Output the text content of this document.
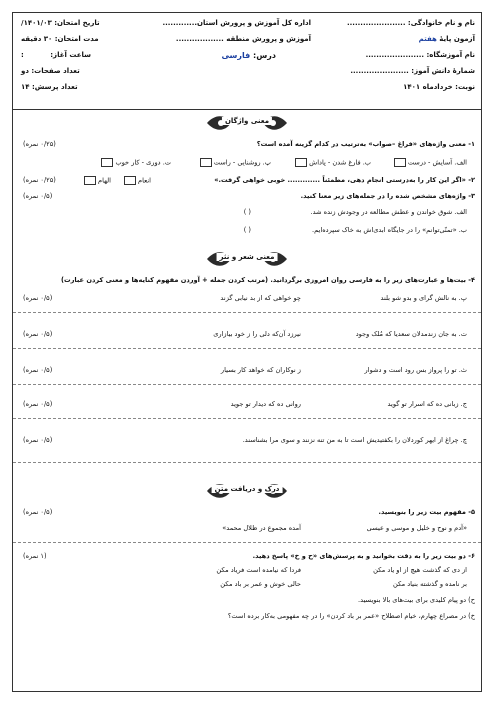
نام و نام خانوادگی: ......................
آزمون پایهٔ هفتم
نام آموزشگاه: ......................
شمارهٔ دانش آموز: ......................
نوبت: خردادماه ۱۴۰۱
اداره کل آموزش و پرورش استان.............
آموزش و پرورش منطقه ..................
درس: فارسی
تاریخ امتحان: ۱۴۰۱/۰۳/
مدت امتحان: ۳۰ دقیقه
ساعت آغاز: :
تعداد صفحات: دو
تعداد پرسش: ۱۴
معنی واژگان
۱- معنی واژه‌های «فراغ –صواب» به‌ترتیب در کدام گزینه آمده است؟
(۰/۲۵ نمره)
الف. آسایش - درست
ب. فارغ شدن - پاداش
پ. روشنایی - راست
ت. دوری - کار خوب
۲- «اگر این کار را به‌درستی انجام دهی، مطمئناً ............. خوبی خواهی گرفت.»
انعام
الهام
(۰/۲۵ نمره)
۳- واژه‌های مشخص شده را در جمله‌های زیر معنا کنید.
(۰/۵ نمره)
الف. شوق خواندن و عطش مطالعه در وجودش زنده شد.
( )
ب. «تمنّی‌توانم» را در جایگاه ابدی‌اش به خاک سپرده‌ایم.
( )
معنی شعر و نثر
۴- بیت‌ها و عبارت‌های زیر را به فارسی روان امروزی برگردانید. (مرتب کردن جمله + آوردن مفهوم کنایه‌ها و معنی کردن عبارت)
پ. به نالش گرای و بدو شو بلند
چو خواهی که از بد نیابی گزند
(۰/۵ نمره)
ت. به جان زندمدلان سعدیا که مُلک وجود
نیرزد آن‌که دلی را ز خود بیازاری
(۰/۵ نمره)
ث. تو را پرواز بس رود است و دشوار
ز نوکاران که خواهد کار بسیار
(۰/۵ نمره)
ج. زبانی ده که اسرار تو گوید
روانی ده که دیدار تو جوید
(۰/۵ نمره)
چ. چراغ از ایهر کوردلان را بکفتیدیش است تا به من تنه نزنند و سوی مرا بشناسند.
(۰/۵ نمره)
درک و دریافت متن
۵- مفهوم بیت زیر را بنویسید.
(۰/۵ نمره)
«آدم و نوح و خلیل و موسی و عیسی
آمده مجموع در ظلال محمد»
۶- دو بیت زیر را به دقت بخوانید و به پرسش‌های «ح و خ» پاسخ دهید.
(۱ نمره)
از دی که گذشت هیچ از او یاد مکن
فردا که نیامده است فریاد مکن
بر نامده و گذشته بنیاد مکن
حالی خوش و عمر بر باد مکن
ح) دو پیام کلیدی برای بیت‌های بالا بنویسید.
خ) در مصراع چهارم، خیام اصطلاح «عمر بر باد کردن» را در چه مفهومی به‌کار برده است؟
